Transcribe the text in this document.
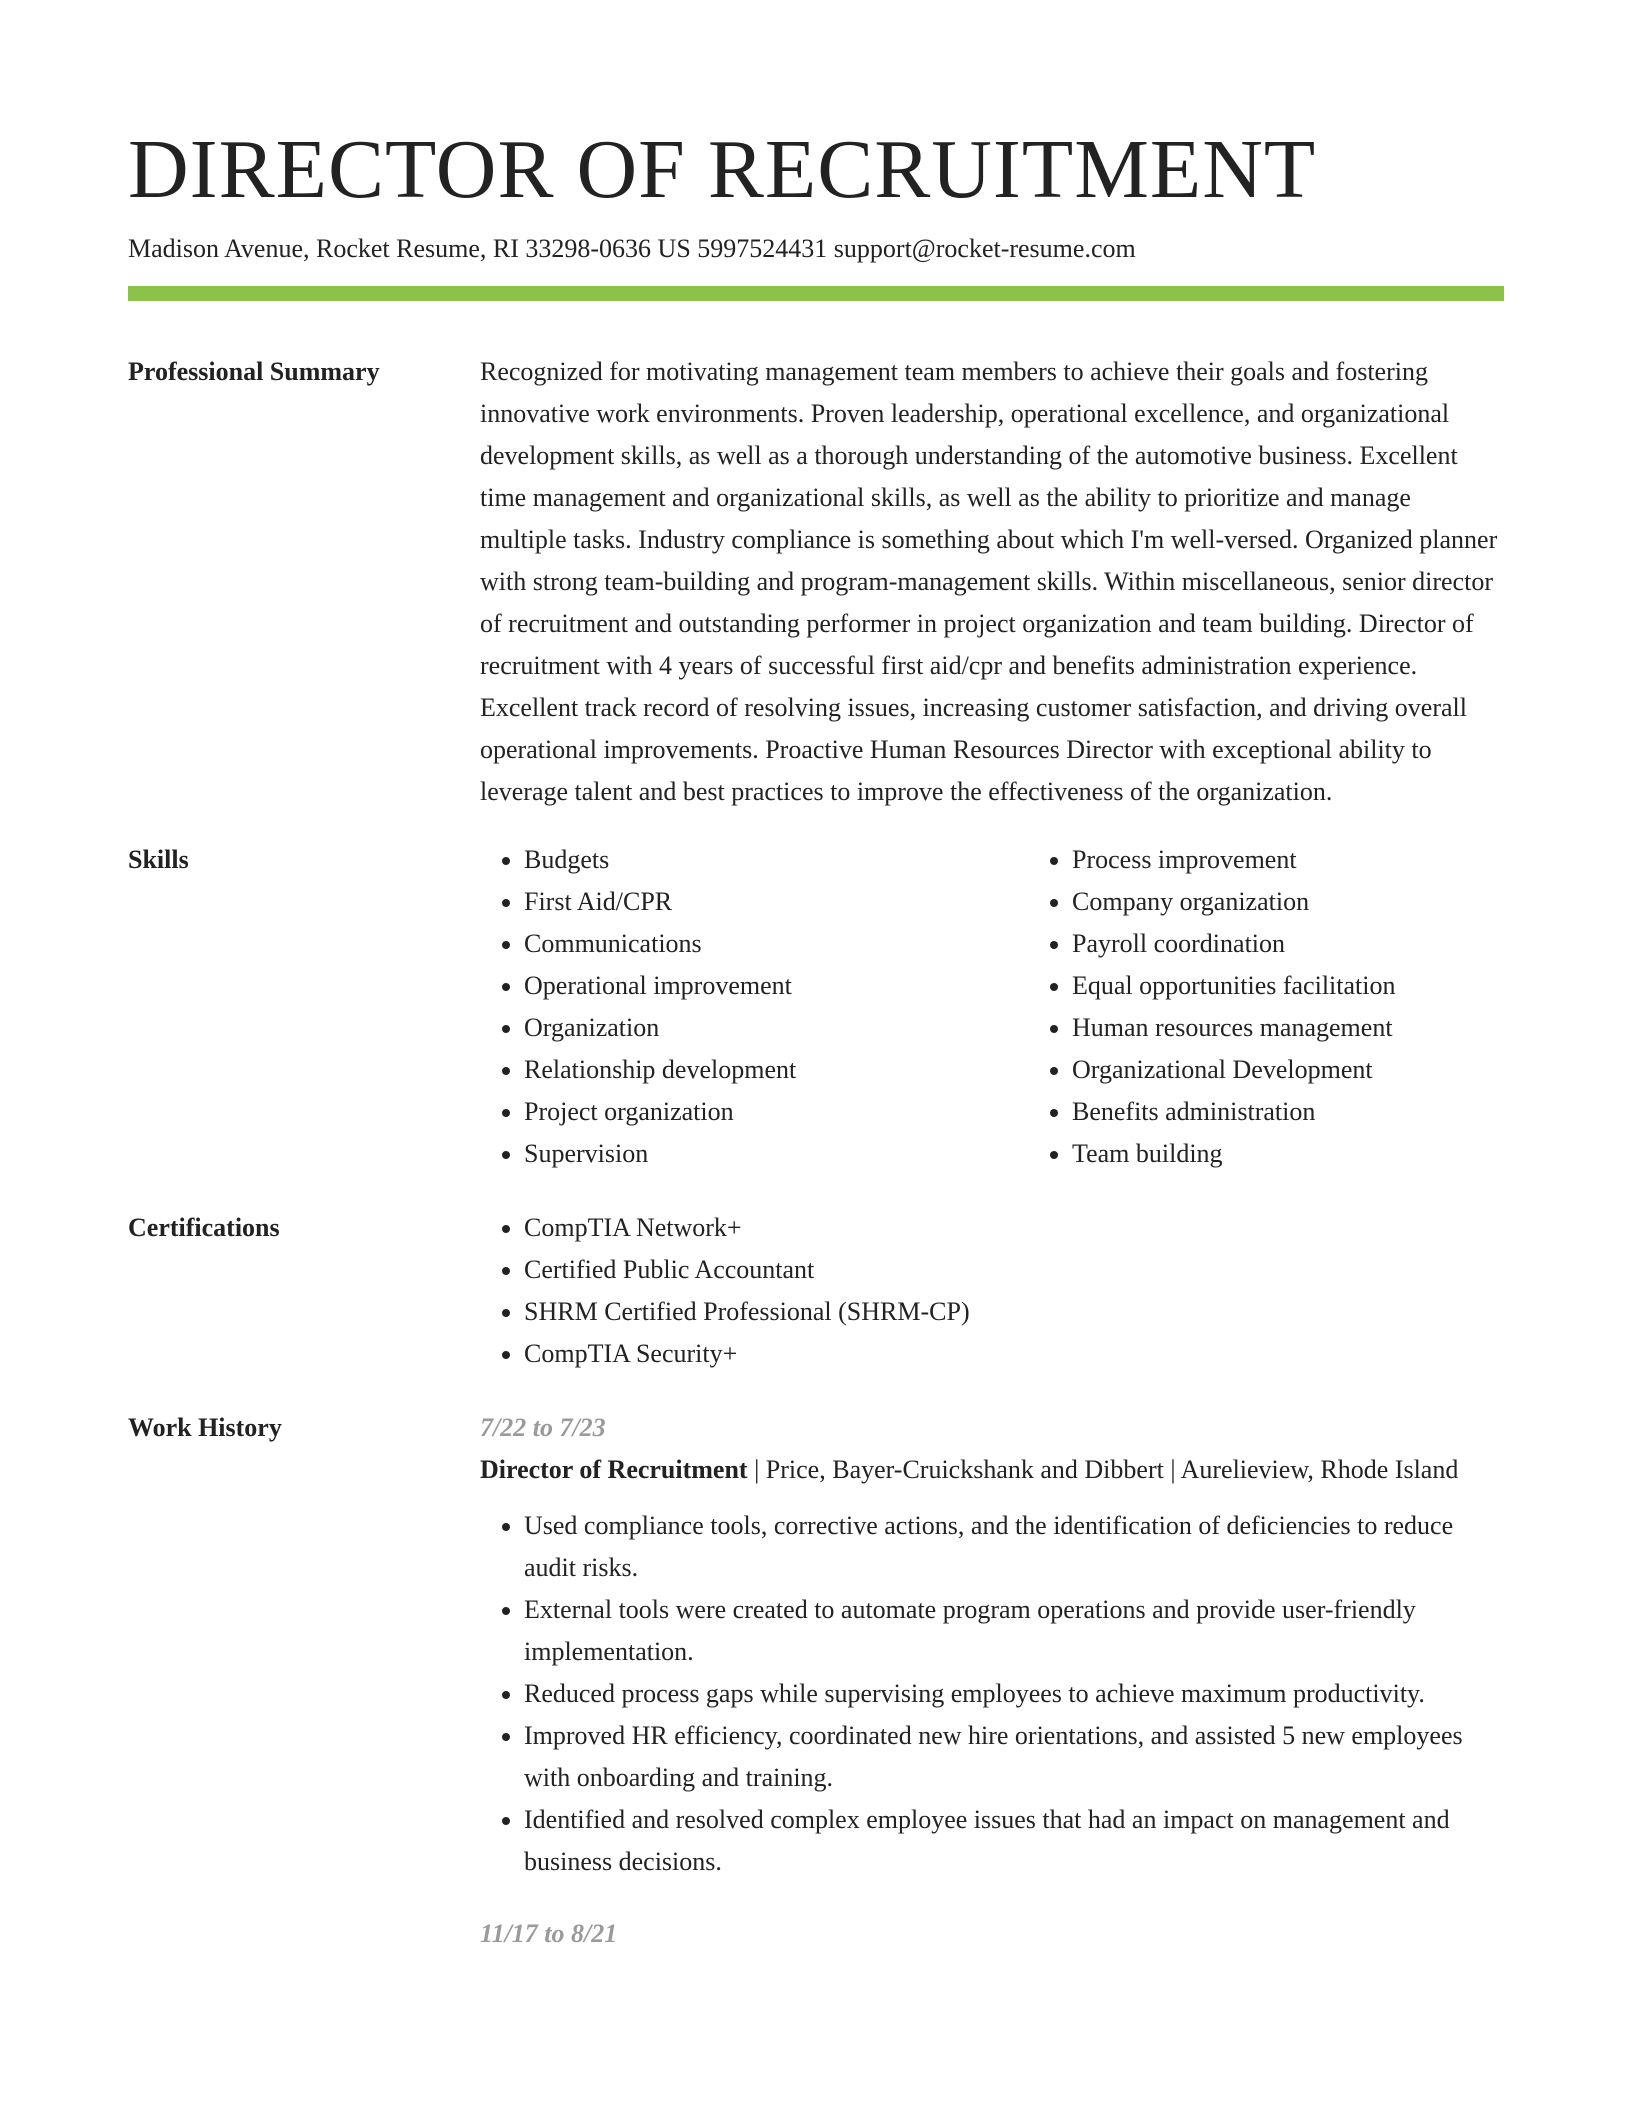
DIRECTOR OF RECRUITMENT
Madison Avenue, Rocket Resume, RI 33298-0636 US 5997524431 support@rocket-resume.com
Professional Summary	Recognized for motivating management team members to achieve their goals and fostering innovative work environments. Proven leadership, operational excellence, and organizational development skills, as well as a thorough understanding of the automotive business. Excellent time management and organizational skills, as well as the ability to prioritize and manage multiple tasks. Industry compliance is something about which I'm well-versed. Organized planner with strong team-building and program-management skills. Within miscellaneous, senior director of recruitment and outstanding performer in project organization and team building. Director of recruitment with 4 years of successful first aid/cpr and benefits administration experience. Excellent track record of resolving issues, increasing customer satisfaction, and driving overall operational improvements. Proactive Human Resources Director with exceptional ability to leverage talent and best practices to improve the effectiveness of the organization.

Skills	• Budgets
• First Aid/CPR
• Communications
• Operational improvement
• Organization
• Relationship development
• Project organization
• Supervision
• Process improvement
• Company organization
• Payroll coordination
• Equal opportunities facilitation
• Human resources management
• Organizational Development
• Benefits administration
• Team building
Certifications	• CompTIA Network+
• Certified Public Accountant
• SHRM Certified Professional (SHRM-CP)
• CompTIA Security+
Work History	7/22 to 7/23
Director of Recruitment | Price, Bayer-Cruickshank and Dibbert | Aurelieview, Rhode Island
• Used compliance tools, corrective actions, and the identification of deficiencies to reduce audit risks.
• External tools were created to automate program operations and provide user-friendly implementation.
• Reduced process gaps while supervising employees to achieve maximum productivity.
• Improved HR efficiency, coordinated new hire orientations, and assisted 5 new employees with onboarding and training.
• Identified and resolved complex employee issues that had an impact on management and business decisions.
11/17 to 8/21
